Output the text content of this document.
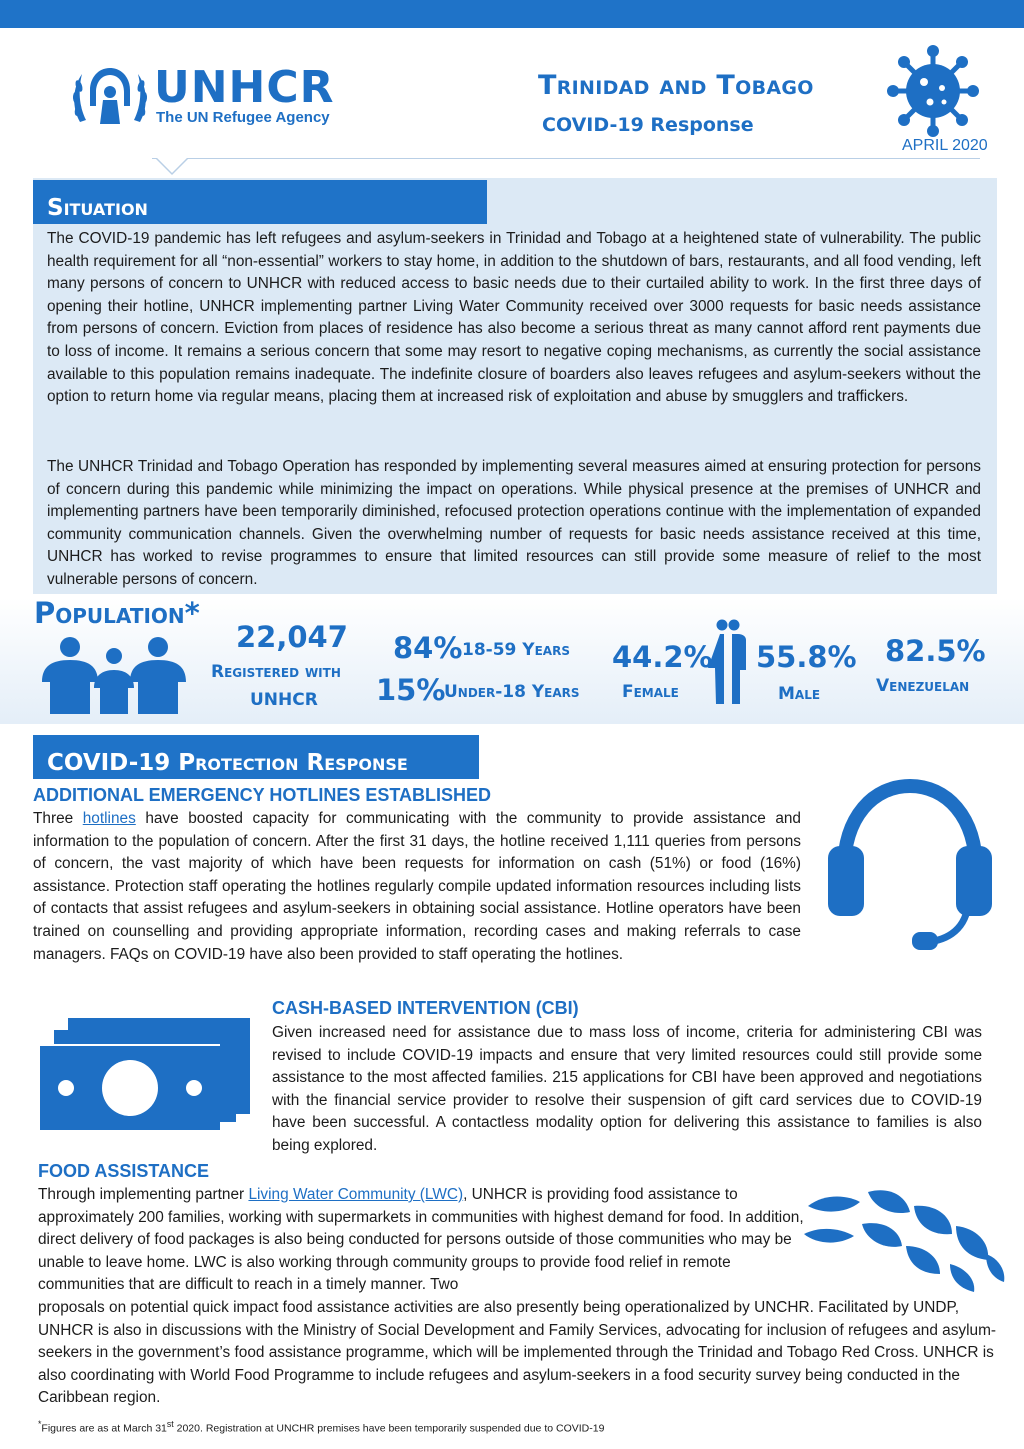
UNHCR
The UN Refugee Agency
Trinidad and Tobago
COVID-19 Response
APRIL 2020
Situation

The COVID-19 pandemic has left refugees and asylum-seekers in Trinidad and Tobago at a heightened state of vulnerability. The public health requirement for all “non-essential” workers to stay home, in addition to the shutdown of bars, restaurants, and all food vending, left many persons of concern to UNHCR with reduced access to basic needs due to their curtailed ability to work. In the first three days of opening their hotline, UNHCR implementing partner Living Water Community received over 3000 requests for basic needs assistance from persons of concern. Eviction from places of residence has also become a serious threat as many cannot afford rent payments due to loss of income. It remains a serious concern that some may resort to negative coping mechanisms, as currently the social assistance available to this population remains inadequate. The indefinite closure of boarders also leaves refugees and asylum-seekers without the option to return home via regular means, placing them at increased risk of exploitation and abuse by smugglers and traffickers.

The UNHCR Trinidad and Tobago Operation has responded by implementing several measures aimed at ensuring protection for persons of concern during this pandemic while minimizing the impact on operations. While physical presence at the premises of UNHCR and implementing partners have been temporarily diminished, refocused protection operations continue with the implementation of expanded community communication channels. Given the overwhelming number of requests for basic needs assistance received at this time, UNHCR has worked to revise programmes to ensure that limited resources can still provide some measure of relief to the most vulnerable persons of concern.

Population*
22,047
Registered with
UNHCR
84% 18-59 Years
15%
Under-18 Years
44.2%
Female
55.8%
Male
82.5%
Venezuelan
COVID-19 Protection Response
ADDITIONAL EMERGENCY HOTLINES ESTABLISHED

Three hotlines have boosted capacity for communicating with the community to provide assistance and information to the population of concern. After the first 31 days, the hotline received 1,111 queries from persons of concern, the vast majority of which have been requests for information on cash (51%) or food (16%) assistance. Protection staff operating the hotlines regularly compile updated information resources including lists of contacts that assist refugees and asylum-seekers in obtaining social assistance. Hotline operators have been trained on counselling and providing appropriate information, recording cases and making referrals to case managers. FAQs on COVID-19 have also been provided to staff operating the hotlines.

CASH-BASED INTERVENTION (CBI)

Given increased need for assistance due to mass loss of income, criteria for administering CBI was revised to include COVID-19 impacts and ensure that very limited resources could still provide some assistance to the most affected families. 215 applications for CBI have been approved and negotiations with the financial service provider to resolve their suspension of gift card services due to COVID-19 have been successful. A contactless modality option for delivering this assistance to families is also being explored.

FOOD ASSISTANCE

Through implementing partner Living Water Community (LWC), UNHCR is providing food assistance to approximately 200 families, working with supermarkets in communities with highest demand for food. In addition, direct delivery of food packages is also being conducted for persons outside of those communities who may be unable to leave home. LWC is also working through community groups to provide food relief in remote communities that are difficult to reach in a timely manner. Two

proposals on potential quick impact food assistance activities are also presently being operationalized by UNCHR. Facilitated by UNDP, UNHCR is also in discussions with the Ministry of Social Development and Family Services, advocating for inclusion of refugees and asylum-seekers in the government’s food assistance programme, which will be implemented through the Trinidad and Tobago Red Cross. UNHCR is also coordinating with World Food Programme to include refugees and asylum-seekers in a food security survey being conducted in the Caribbean region.

*Figures are as at March 31st 2020. Registration at UNCHR premises have been temporarily suspended due to COVID-19
